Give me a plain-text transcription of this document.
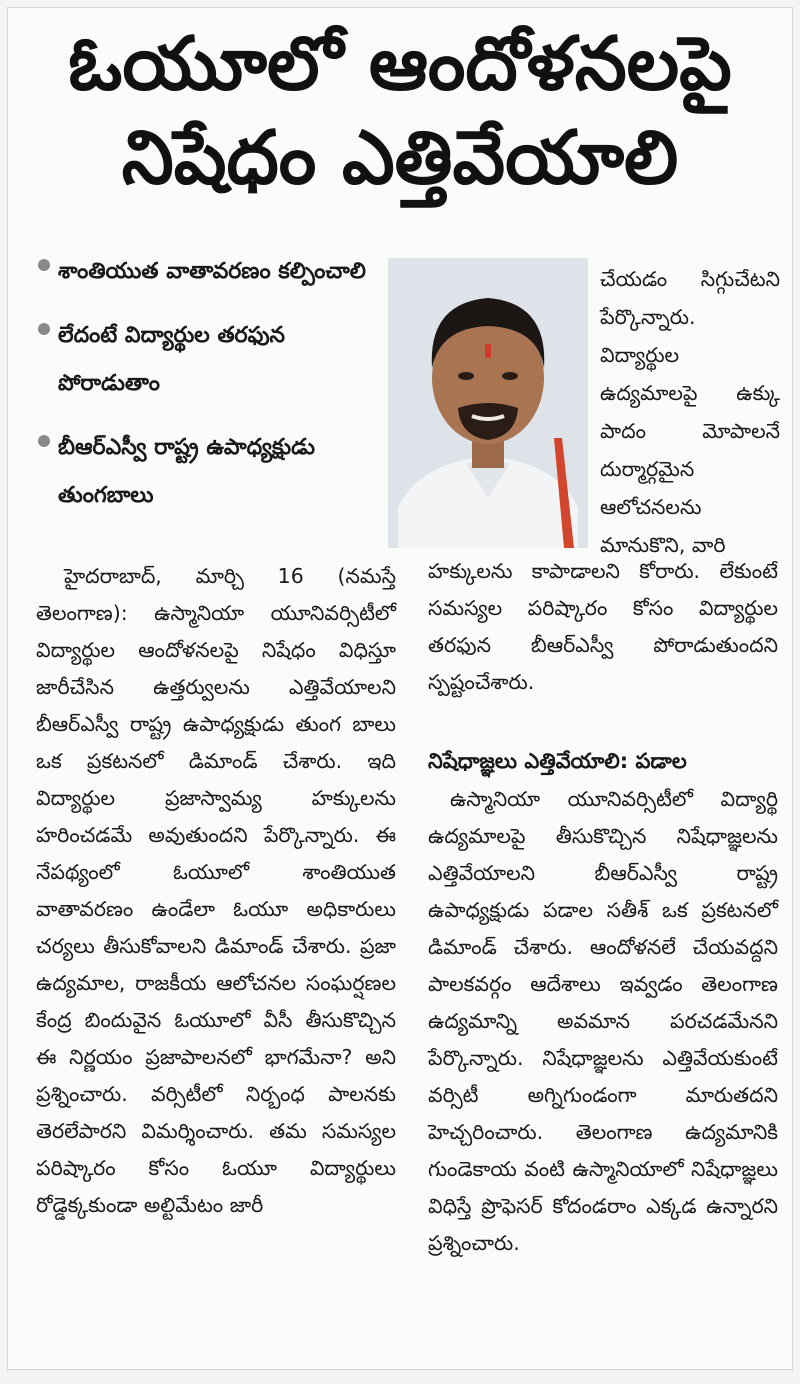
ఓయూలో ఆందోళనలపై
నిషేధం ఎత్తివేయాలి
శాంతియుత వాతావరణం కల్పించాలి
లేదంటే విద్యార్థుల తరఫున పోరాడుతాం
బీఆర్‌ఎస్వీ రాష్ట్ర ఉపాధ్యక్షుడు తుంగబాలు

చేయడం సిగ్గుచేటని పేర్కొన్నారు. విద్యార్థుల ఉద్యమాలపై ఉక్కు పాదం మోపాలనే దుర్మార్గమైన ఆలోచనలను మానుకొని, వారి

హైదరాబాద్, మార్చి 16 (నమస్తే తెలంగాణ): ఉస్మానియా యూనివర్సిటీలో విద్యార్థుల ఆందోళనలపై నిషేధం విధిస్తూ జారీచేసిన ఉత్తర్వులను ఎత్తివేయాలని బీఆర్‌ఎస్వీ రాష్ట్ర ఉపాధ్యక్షుడు తుంగ బాలు ఒక ప్రకటనలో డిమాండ్ చేశారు. ఇది విద్యార్థుల ప్రజాస్వామ్య హక్కులను హరించడమే అవుతుందని పేర్కొన్నారు. ఈ నేపథ్యంలో ఓయూలో శాంతియుత వాతావరణం ఉండేలా ఓయూ అధికారులు చర్యలు తీసుకోవాలని డిమాండ్ చేశారు. ప్రజా ఉద్యమాల, రాజకీయ ఆలోచనల సంఘర్షణల కేంద్ర బిందువైన ఓయూలో వీసీ తీసుకొచ్చిన ఈ నిర్ణయం ప్రజాపాలనలో భాగమేనా? అని ప్రశ్నించారు. వర్సిటీలో నిర్బంధ పాలనకు తెరలేపారని విమర్శించారు. తమ సమస్యల పరిష్కారం కోసం ఓయూ విద్యార్థులు రోడ్డెక్కకుండా అల్టిమేటం జారీ

హక్కులను కాపాడాలని కోరారు. లేకుంటే సమస్యల పరిష్కారం కోసం విద్యార్థుల తరఫున బీఆర్‌ఎస్వీ పోరాడుతుందని స్పష్టంచేశారు.

నిషేధాజ్ఞలు ఎత్తివేయాలి: పడాల

ఉస్మానియా యూనివర్సిటీలో విద్యార్థి ఉద్యమాలపై తీసుకొచ్చిన నిషేధాజ్ఞలను ఎత్తివేయాలని బీఆర్‌ఎస్వీ రాష్ట్ర ఉపాధ్యక్షుడు పడాల సతీశ్ ఒక ప్రకటనలో డిమాండ్ చేశారు. ఆందోళనలే చేయవద్దని పాలకవర్గం ఆదేశాలు ఇవ్వడం తెలంగాణ ఉద్యమాన్ని అవమాన పరచడమేనని పేర్కొన్నారు. నిషేధాజ్ఞలను ఎత్తివేయకుంటే వర్సిటీ అగ్నిగుండంగా మారుతదని హెచ్చరించారు. తెలంగాణ ఉద్యమానికి గుండెకాయ వంటి ఉస్మానియాలో నిషేధాజ్ఞలు విధిస్తే ప్రొఫెసర్ కోదండరాం ఎక్కడ ఉన్నారని ప్రశ్నించారు.
